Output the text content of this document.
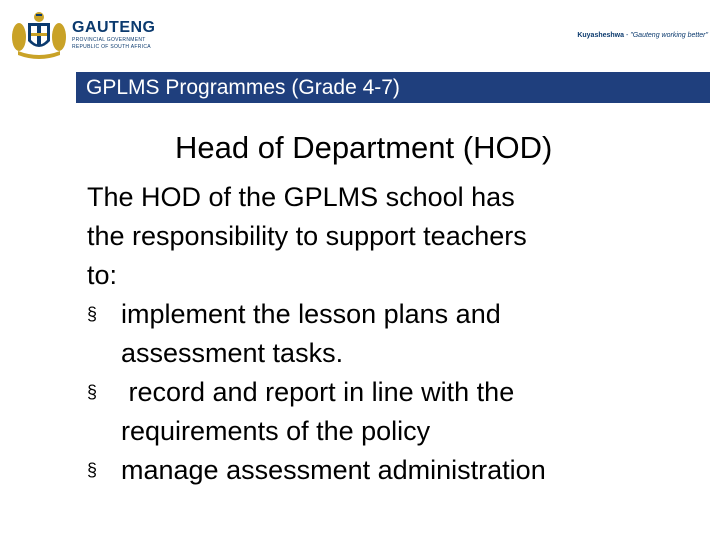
GAUTENG
PROVINCIAL GOVERNMENT
REPUBLIC OF SOUTH AFRICA
Kuyasheshwa - "Gauteng working better"
GPLMS Programmes (Grade 4-7)
Head of Department (HOD)
The HOD of the GPLMS school has
the responsibility to support teachers
to:
§ implement the lesson plans and
assessment tasks.
§ record and report in line with the
requirements of the policy
§ manage assessment administration
